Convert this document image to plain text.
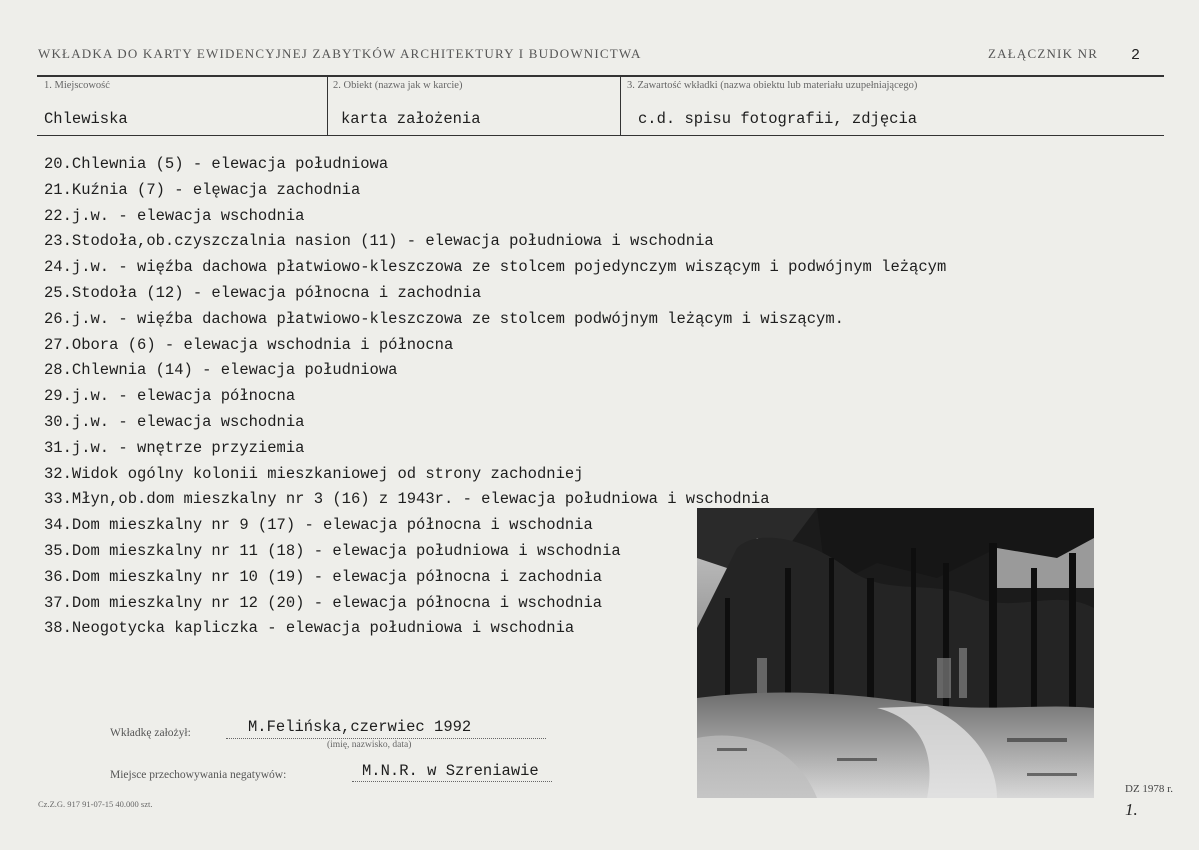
WKŁADKA DO KARTY EWIDENCYJNEJ ZABYTKÓW ARCHITEKTURY I BUDOWNICTWA	ZAŁĄCZNIK NR 2
1. Miejscowość
Chlewiska
2. Obiekt (nazwa jak w karcie)
karta założenia
3. Zawartość wkładki (nazwa obiektu lub materiału uzupełniającego)
c.d. spisu fotografii, zdjęcia
20.Chlewnia (5) - elewacja południowa
21.Kuźnia (7) - elęwacja zachodnia
22.j.w. - elewacja wschodnia
23.Stodoła,ob.czyszczalnia nasion (11) - elewacja południowa i wschodnia
24.j.w. - więźba dachowa płatwiowo-kleszczowa ze stolcem pojedynczym wiszącym i podwójnym leżącym
25.Stodoła (12) - elewacja północna i zachodnia
26.j.w. - więźba dachowa płatwiowo-kleszczowa ze stolcem podwójnym leżącym i wiszącym.
27.Obora (6) - elewacja wschodnia i północna
28.Chlewnia (14) - elewacja południowa
29.j.w. - elewacja północna
30.j.w. - elewacja wschodnia
31.j.w. - wnętrze przyziemia
32.Widok ogólny kolonii mieszkaniowej od strony zachodniej
33.Młyn,ob.dom mieszkalny nr 3 (16) z 1943r. - elewacja południowa i wschodnia
34.Dom mieszkalny nr 9 (17) - elewacja północna i wschodnia
35.Dom mieszkalny nr 11 (18) - elewacja południowa i wschodnia
36.Dom mieszkalny nr 10 (19) - elewacja północna i zachodnia
37.Dom mieszkalny nr 12 (20) - elewacja północna i wschodnia
38.Neogotycka kapliczka - elewacja południowa i wschodnia
Wkładkę założył:	M.Felińska,czerwiec 1992
(imię, nazwisko, data)
Miejsce przechowywania negatywów:	M.N.R. w Szreniawie
Cz.Z.G. 917 91-07-15 40.000 szt.
DZ 1978 r.
1.
